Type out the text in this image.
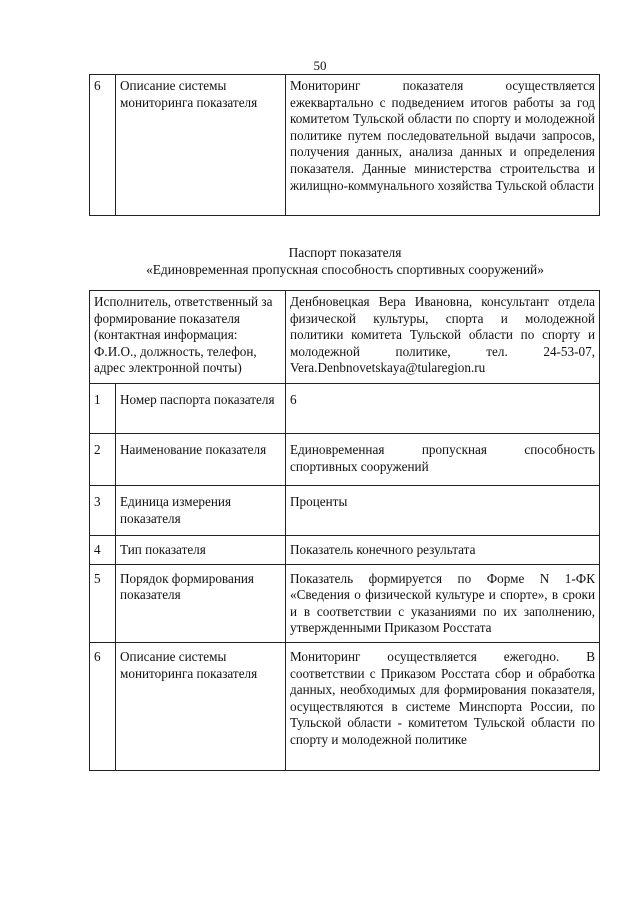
50
6	Описание системы мониторинга показателя	Мониторинг показателя осуществляется ежеквартально с подведением итогов работы за год комитетом Тульской области по спорту и молодежной политике путем последовательной выдачи запросов, получения данных, анализа данных и определения показателя. Данные министерства строительства и жилищно-коммунального хозяйства Тульской области
Паспорт показателя
«Единовременная пропускная способность спортивных сооружений»
Исполнитель, ответственный за формирование показателя (контактная информация: Ф.И.О., должность, телефон, адрес электронной почты)		Денбновецкая Вера Ивановна, консультант отдела физической культуры, спорта и молодежной политики комитета Тульской области по спорту и молодежной политике, тел. 24-53-07, Vera.Denbnovetskaya@tularegion.ru
1	Номер паспорта показателя	6
2	Наименование показателя	Единовременная пропускная способность спортивных сооружений
3	Единица измерения показателя	Проценты
4	Тип показателя	Показатель конечного результата
5	Порядок формирования показателя	Показатель формируется по Форме N 1-ФК «Сведения о физической культуре и спорте», в сроки и в соответствии с указаниями по их заполнению, утвержденными Приказом Росстата
6	Описание системы мониторинга показателя	Мониторинг осуществляется ежегодно. В соответствии с Приказом Росстата сбор и обработка данных, необходимых для формирования показателя, осуществляются в системе Минспорта России, по Тульской области - комитетом Тульской области по спорту и молодежной политике
